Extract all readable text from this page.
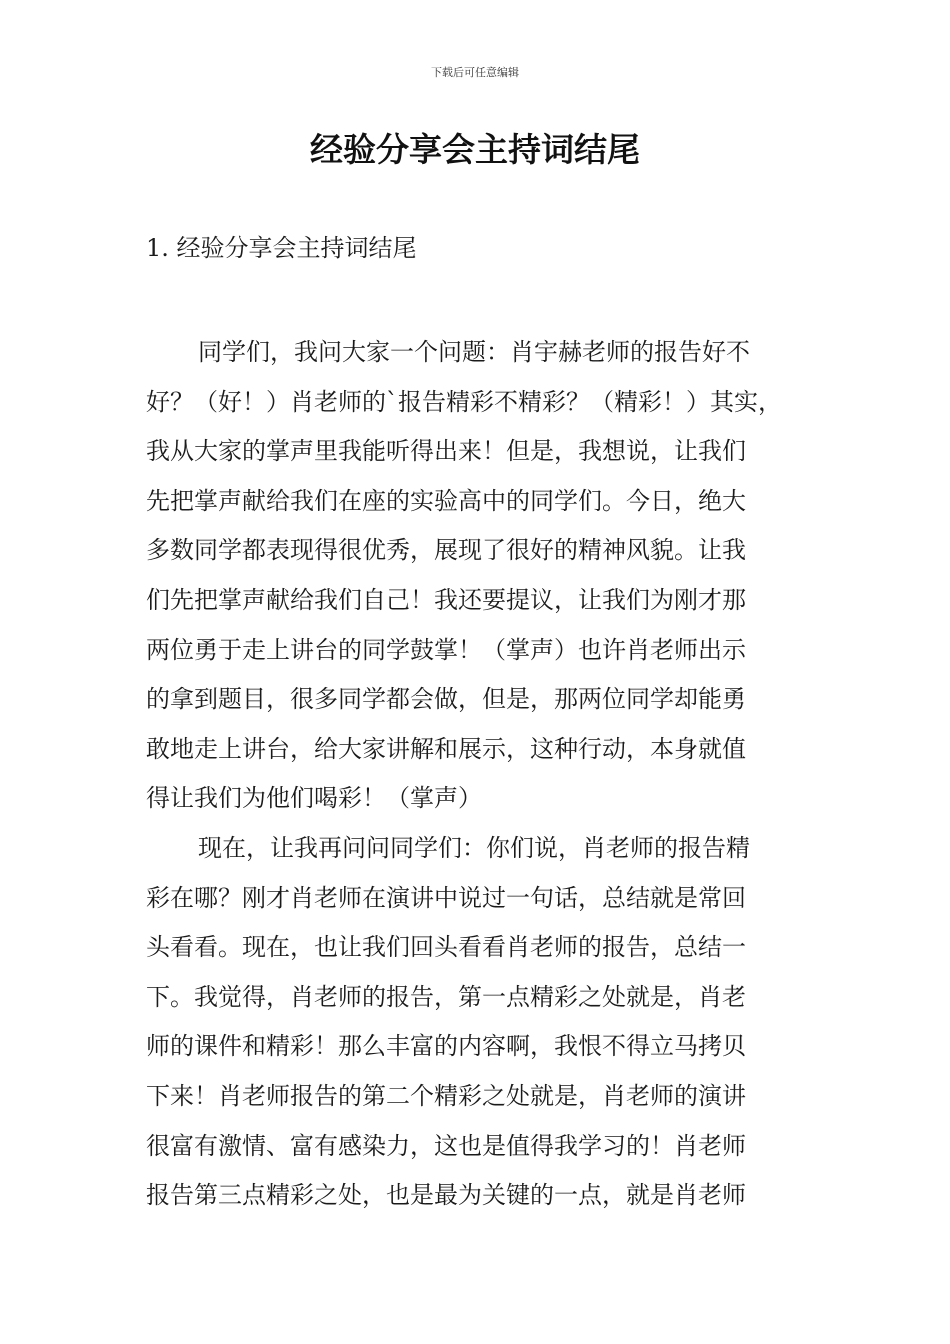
下载后可任意编辑
经验分享会主持词结尾
1. 经验分享会主持词结尾

同学们，我问大家一个问题：肖宇赫老师的报告好不
好？（好！）肖老师的`报告精彩不精彩？（精彩！）其实，
我从大家的掌声里我能听得出来！但是，我想说，让我们
先把掌声献给我们在座的实验高中的同学们。今日，绝大
多数同学都表现得很优秀，展现了很好的精神风貌。让我
们先把掌声献给我们自己！我还要提议，让我们为刚才那
两位勇于走上讲台的同学鼓掌！（掌声）也许肖老师出示
的拿到题目，很多同学都会做，但是，那两位同学却能勇
敢地走上讲台，给大家讲解和展示，这种行动，本身就值
得让我们为他们喝彩！（掌声）

现在，让我再问问同学们：你们说，肖老师的报告精
彩在哪？刚才肖老师在演讲中说过一句话，总结就是常回
头看看。现在，也让我们回头看看肖老师的报告，总结一
下。我觉得，肖老师的报告，第一点精彩之处就是，肖老
师的课件和精彩！那么丰富的内容啊，我恨不得立马拷贝
下来！肖老师报告的第二个精彩之处就是，肖老师的演讲
很富有激情、富有感染力，这也是值得我学习的！肖老师
报告第三点精彩之处，也是最为关键的一点，就是肖老师
